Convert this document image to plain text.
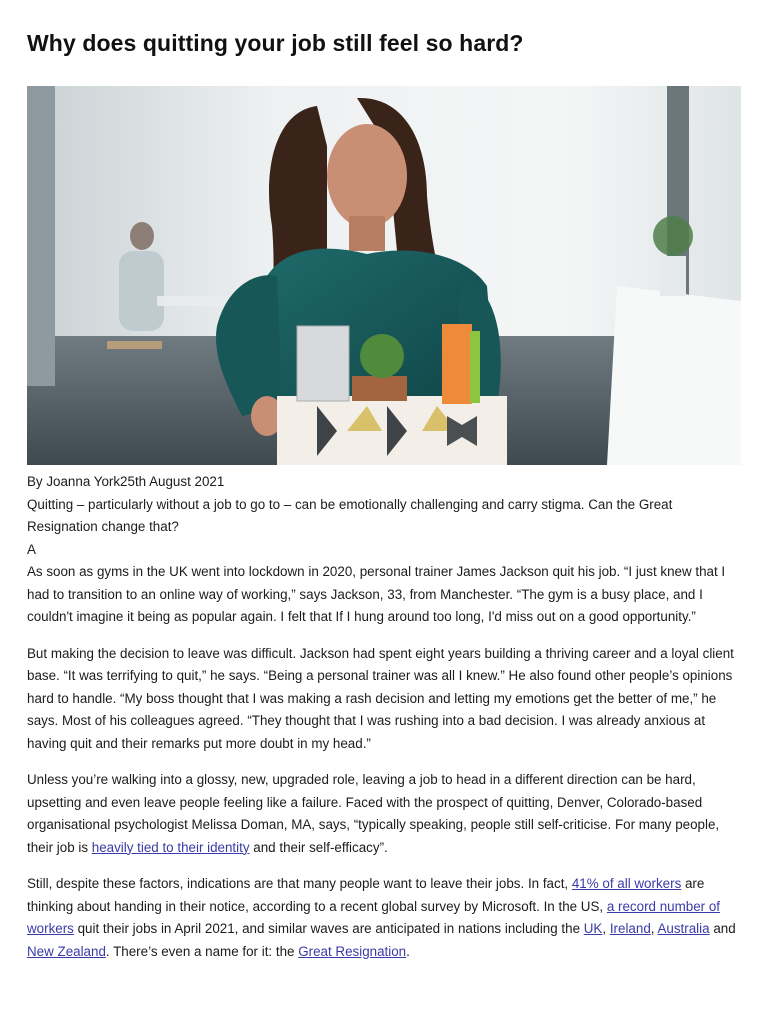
Why does quitting your job still feel so hard?

By Joanna York25th August 2021

Quitting – particularly without a job to go to – can be emotionally challenging and carry stigma. Can the Great Resignation change that?

A

As soon as gyms in the UK went into lockdown in 2020, personal trainer James Jackson quit his job. “I just knew that I had to transition to an online way of working,” says Jackson, 33, from Manchester. “The gym is a busy place, and I couldn't imagine it being as popular again. I felt that If I hung around too long, I'd miss out on a good opportunity.”

But making the decision to leave was difficult. Jackson had spent eight years building a thriving career and a loyal client base. “It was terrifying to quit,” he says. “Being a personal trainer was all I knew.” He also found other people’s opinions hard to handle. “My boss thought that I was making a rash decision and letting my emotions get the better of me,” he says. Most of his colleagues agreed. “They thought that I was rushing into a bad decision. I was already anxious at having quit and their remarks put more doubt in my head.”

Unless you’re walking into a glossy, new, upgraded role, leaving a job to head in a different direction can be hard, upsetting and even leave people feeling like a failure. Faced with the prospect of quitting, Denver, Colorado-based organisational psychologist Melissa Doman, MA, says, “typically speaking, people still self-criticise. For many people, their job is heavily tied to their identity and their self-efficacy”.

Still, despite these factors, indications are that many people want to leave their jobs. In fact, 41% of all workers are thinking about handing in their notice, according to a recent global survey by Microsoft. In the US, a record number of workers quit their jobs in April 2021, and similar waves are anticipated in nations including the UK, Ireland, Australia and New Zealand. There’s even a name for it: the Great Resignation.
